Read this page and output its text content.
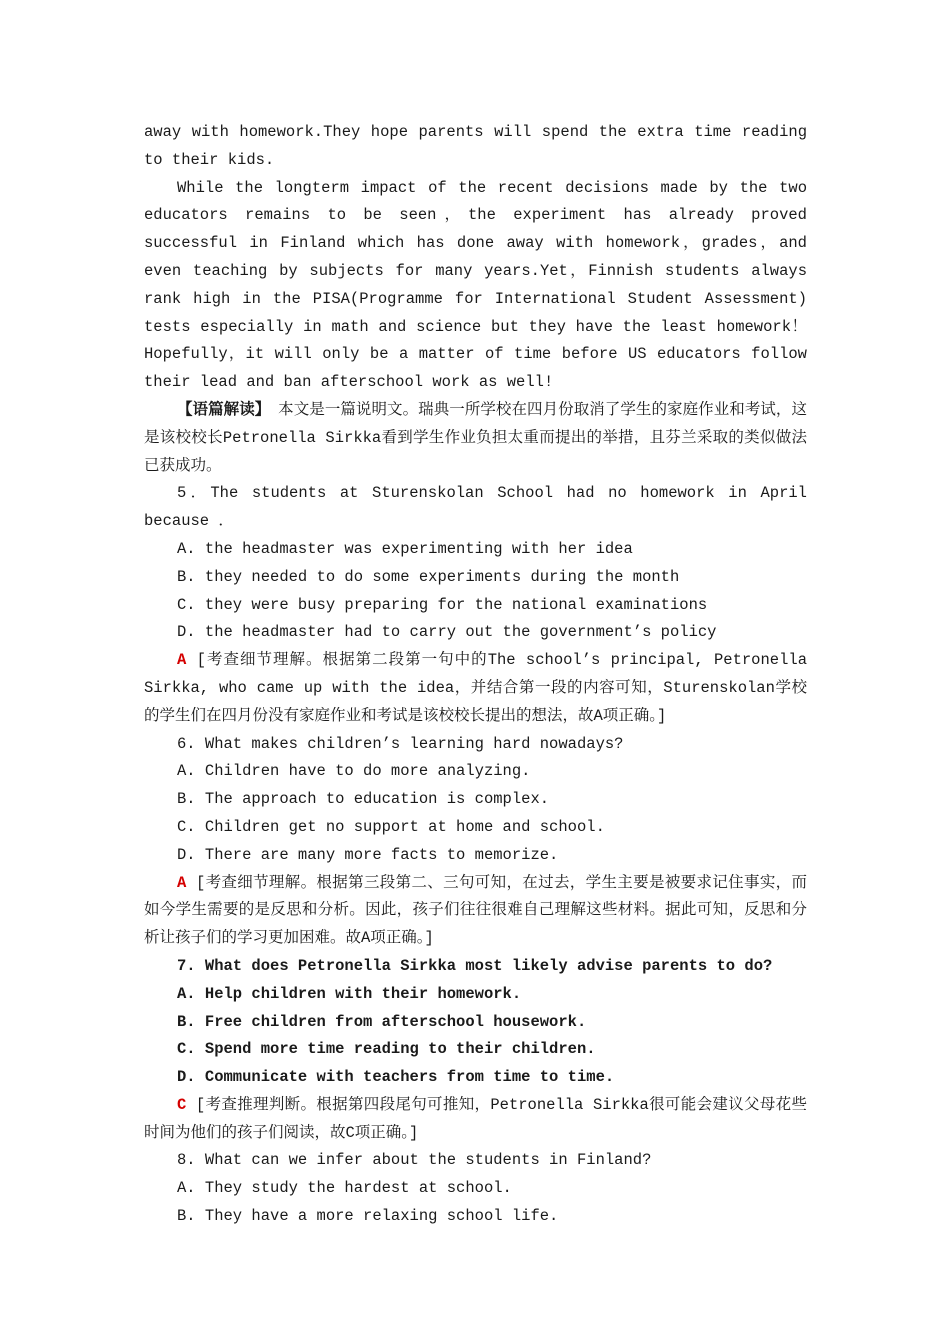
away with homework.They hope parents will spend the extra time reading to their kids.

While the longterm impact of the recent decisions made by the two educators remains to be seen，the experiment has already proved successful in Finland which has done away with homework，grades，and even teaching by subjects for many years.Yet，Finnish students always rank high in the PISA(Programme for International Student Assessment) tests especially in math and science but they have the least homework！Hopefully，it will only be a matter of time before US educators follow their lead and ban afterschool work as well!

【语篇解读】　本文是一篇说明文。瑞典一所学校在四月份取消了学生的家庭作业和考试，这是该校校长Petronella Sirkka看到学生作业负担太重而提出的举措，且芬兰采取的类似做法已获成功。

5．The students at Sturenskolan School had no homework in April because ．

A. the headmaster was experimenting with her idea

B. they needed to do some experiments during the month

C. they were busy preparing for the national examinations

D. the headmaster had to carry out the government’s policy

A [考查细节理解。根据第二段第一句中的The school’s principal, Petronella Sirkka, who came up with the idea，并结合第一段的内容可知，Sturenskolan学校的学生们在四月份没有家庭作业和考试是该校校长提出的想法，故A项正确。]

6. What makes children’s learning hard nowadays?

A. Children have to do more analyzing.

B. The approach to education is complex.

C. Children get no support at home and school.

D. There are many more facts to memorize.

A [考查细节理解。根据第三段第二、三句可知，在过去，学生主要是被要求记住事实，而如今学生需要的是反思和分析。因此，孩子们往往很难自己理解这些材料。据此可知，反思和分析让孩子们的学习更加困难。故A项正确。]

7. What does Petronella Sirkka most likely advise parents to do?

A. Help children with their homework.

B. Free children from afterschool housework.

C. Spend more time reading to their children.

D. Communicate with teachers from time to time.

C [考查推理判断。根据第四段尾句可推知，Petronella Sirkka很可能会建议父母花些时间为他们的孩子们阅读，故C项正确。]

8. What can we infer about the students in Finland?

A. They study the hardest at school.

B. They have a more relaxing school life.
